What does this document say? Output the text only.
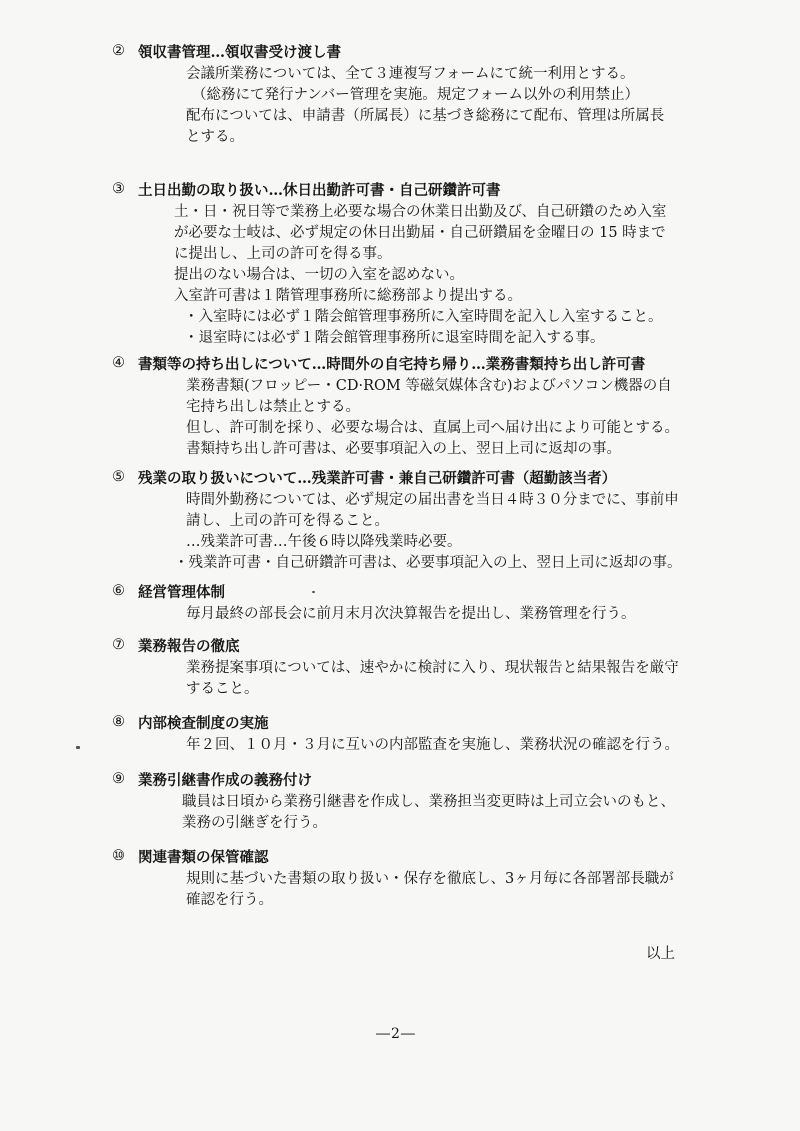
② 領収書管理…領収書受け渡し書
会議所業務については、全て３連複写フォームにて統一利用とする。
（総務にて発行ナンバー管理を実施。規定フォーム以外の利用禁止）
配布については、申請書（所属長）に基づき総務にて配布、管理は所属長
とする。
③ 土日出勤の取り扱い…休日出勤許可書・自己研鑽許可書
土・日・祝日等で業務上必要な場合の休業日出勤及び、自己研鑽のため入室
が必要な士岐は、必ず規定の休日出勤届・自己研鑽届を金曜日の 15 時まで
に提出し、上司の許可を得る事。
提出のない場合は、一切の入室を認めない。
入室許可書は１階管理事務所に総務部より提出する。
・入室時には必ず１階会館管理事務所に入室時間を記入し入室すること。
・退室時には必ず１階会館管理事務所に退室時間を記入する事。
④ 書類等の持ち出しについて…時間外の自宅持ち帰り…業務書類持ち出し許可書
業務書類(フロッピー・CD·ROM 等磁気媒体含む)およびパソコン機器の自
宅持ち出しは禁止とする。
但し、許可制を採り、必要な場合は、直属上司へ届け出により可能とする。
書類持ち出し許可書は、必要事項記入の上、翌日上司に返却の事。
⑤ 残業の取り扱いについて…残業許可書・兼自己研鑽許可書（超勤該当者）
時間外勤務については、必ず規定の届出書を当日４時３０分までに、事前申
請し、上司の許可を得ること。
…残業許可書…午後６時以降残業時必要。
・残業許可書・自己研鑽許可書は、必要事項記入の上、翌日上司に返却の事。
⑥ 経営管理体制
毎月最終の部長会に前月末月次決算報告を提出し、業務管理を行う。
⑦ 業務報告の徹底
業務提案事項については、速やかに検討に入り、現状報告と結果報告を厳守
すること。
⑧ 内部検査制度の実施
年２回、１０月・３月に互いの内部監査を実施し、業務状況の確認を行う。
⑨ 業務引継書作成の義務付け
職員は日頃から業務引継書を作成し、業務担当変更時は上司立会いのもと、
業務の引継ぎを行う。
⑩ 関連書類の保管確認
規則に基づいた書類の取り扱い・保存を徹底し、3ヶ月毎に各部署部長職が
確認を行う。
以上
―2―
